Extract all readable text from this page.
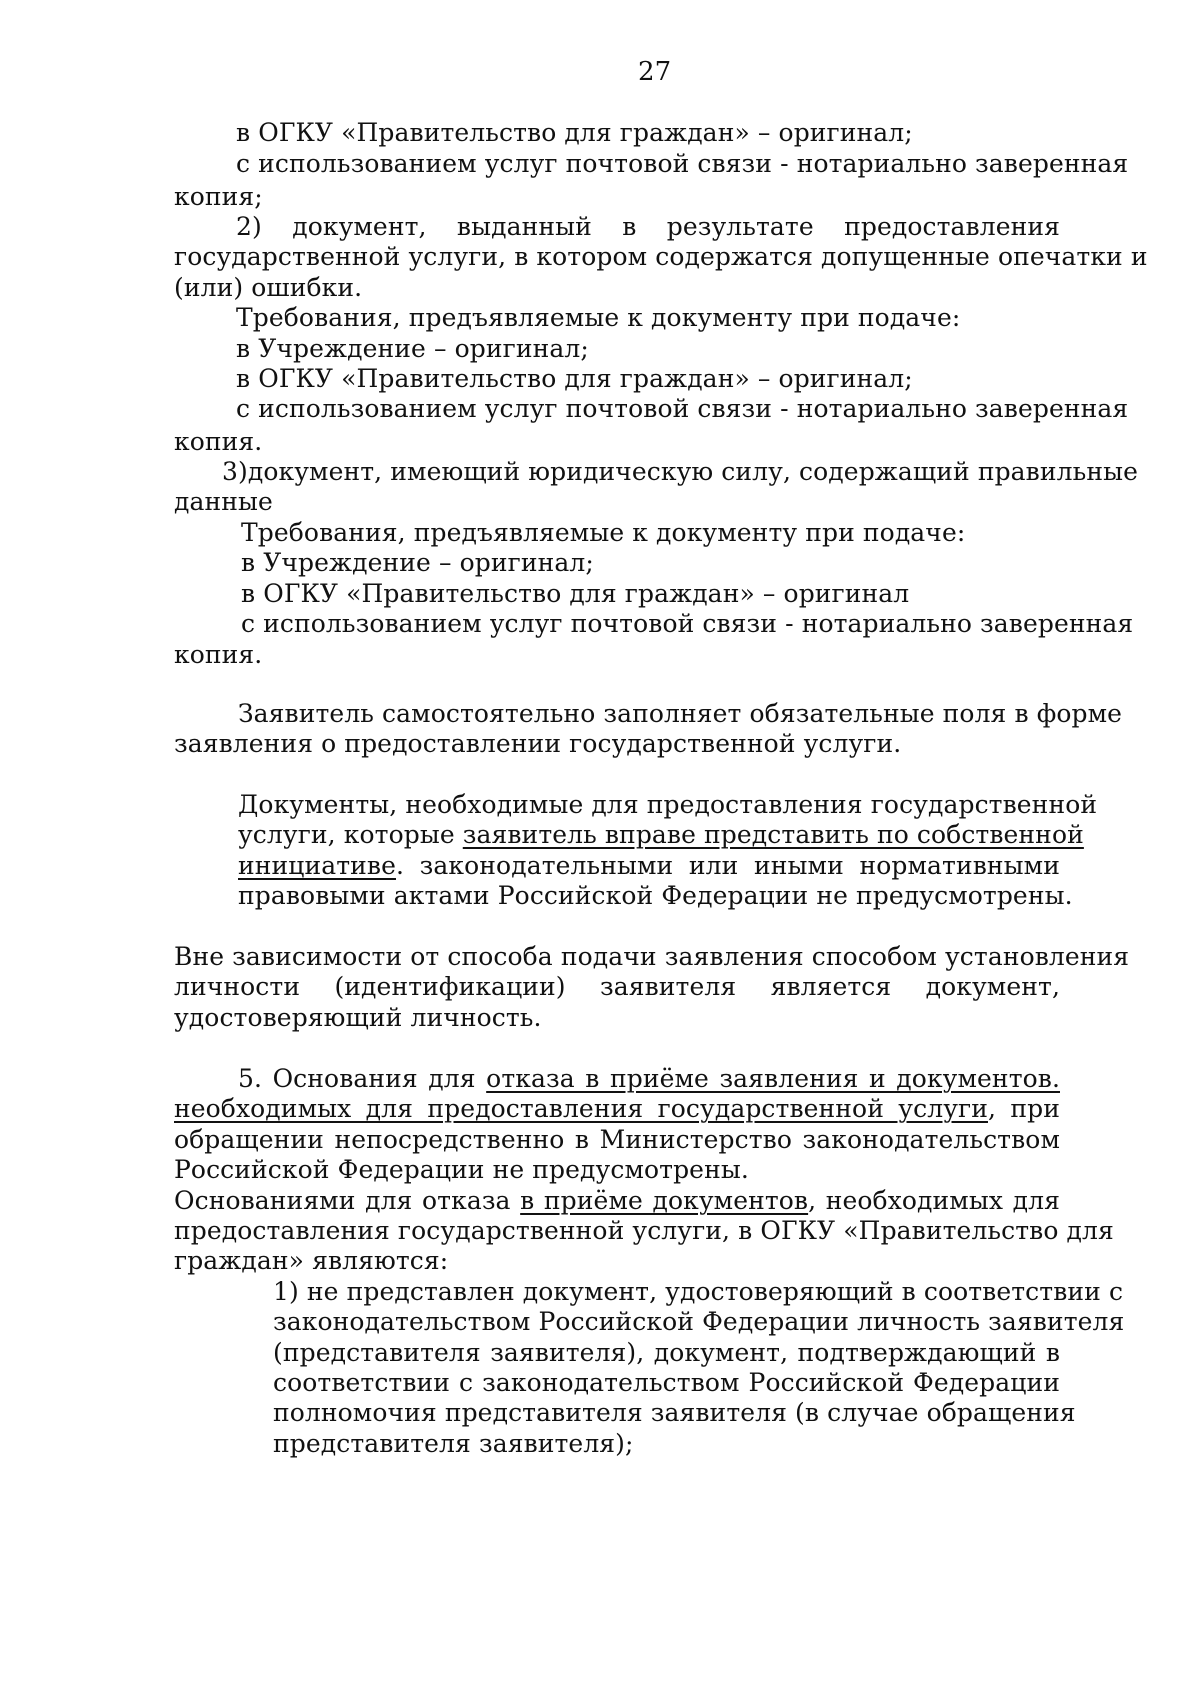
27

в ОГКУ «Правительство для граждан» – оригинал;

с использованием услуг почтовой связи - нотариально заверенная

копия;

2) документ, выданный в результате предоставления

государственной услуги, в котором содержатся допущенные опечатки и

(или) ошибки.

Требования, предъявляемые к документу при подаче:

в Учреждение – оригинал;

в ОГКУ «Правительство для граждан» – оригинал;

с использованием услуг почтовой связи - нотариально заверенная

копия.

3)документ, имеющий юридическую силу, содержащий правильные

данные

Требования, предъявляемые к документу при подаче:

в Учреждение – оригинал;

в ОГКУ «Правительство для граждан» – оригинал

с использованием услуг почтовой связи - нотариально заверенная

копия.

Заявитель самостоятельно заполняет обязательные поля в форме

заявления о предоставлении государственной услуги.

Документы, необходимые для предоставления государственной

услуги, которые заявитель вправе представить по собственной

инициативе. законодательными или иными нормативными

правовыми актами Российской Федерации не предусмотрены.

Вне зависимости от способа подачи заявления способом установления

личности (идентификации) заявителя является документ,

удостоверяющий личность.

5. Основания для отказа в приёме заявления и документов.

необходимых для предоставления государственной услуги, при

обращении непосредственно в Министерство законодательством

Российской Федерации не предусмотрены.

Основаниями для отказа в приёме документов, необходимых для

предоставления государственной услуги, в ОГКУ «Правительство для

граждан» являются:

1) не представлен документ, удостоверяющий в соответствии с

законодательством Российской Федерации личность заявителя

(представителя заявителя), документ, подтверждающий в

соответствии с законодательством Российской Федерации

полномочия представителя заявителя (в случае обращения

представителя заявителя);
